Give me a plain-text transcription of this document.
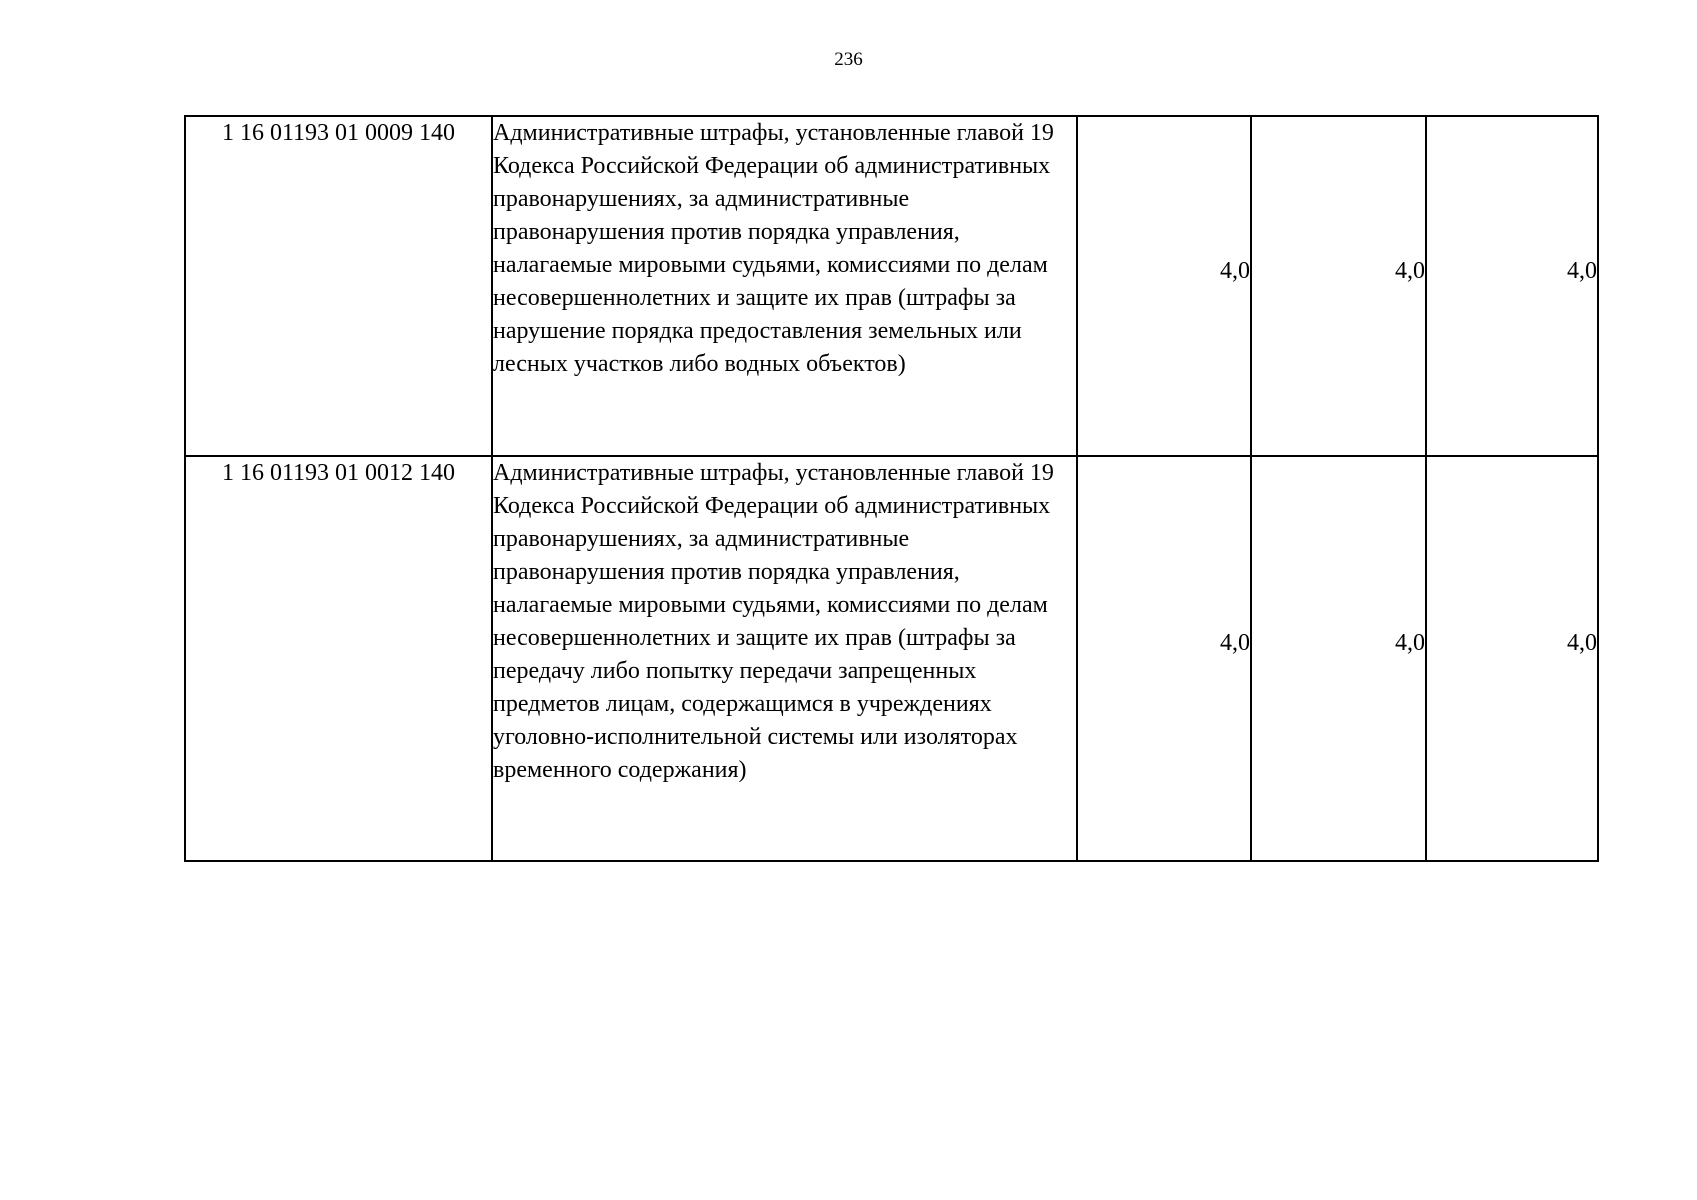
236
1 16 01193 01 0009 140	Административные штрафы, установленные главой 19 Кодекса Российской Федерации об административных правонарушениях, за административные правонарушения против порядка управления, налагаемые мировыми судьями, комиссиями по делам несовершеннолетних и защите их прав (штрафы за нарушение порядка предоставления земельных или лесных участков либо водных объектов)	4,0	4,0	4,0
1 16 01193 01 0012 140	Административные штрафы, установленные главой 19 Кодекса Российской Федерации об административных правонарушениях, за административные правонарушения против порядка управления, налагаемые мировыми судьями, комиссиями по делам несовершеннолетних и защите их прав (штрафы за передачу либо попытку передачи запрещенных предметов лицам, содержащимся в учреждениях уголовно-исполнительной системы или изоляторах временного содержания)	4,0	4,0	4,0
